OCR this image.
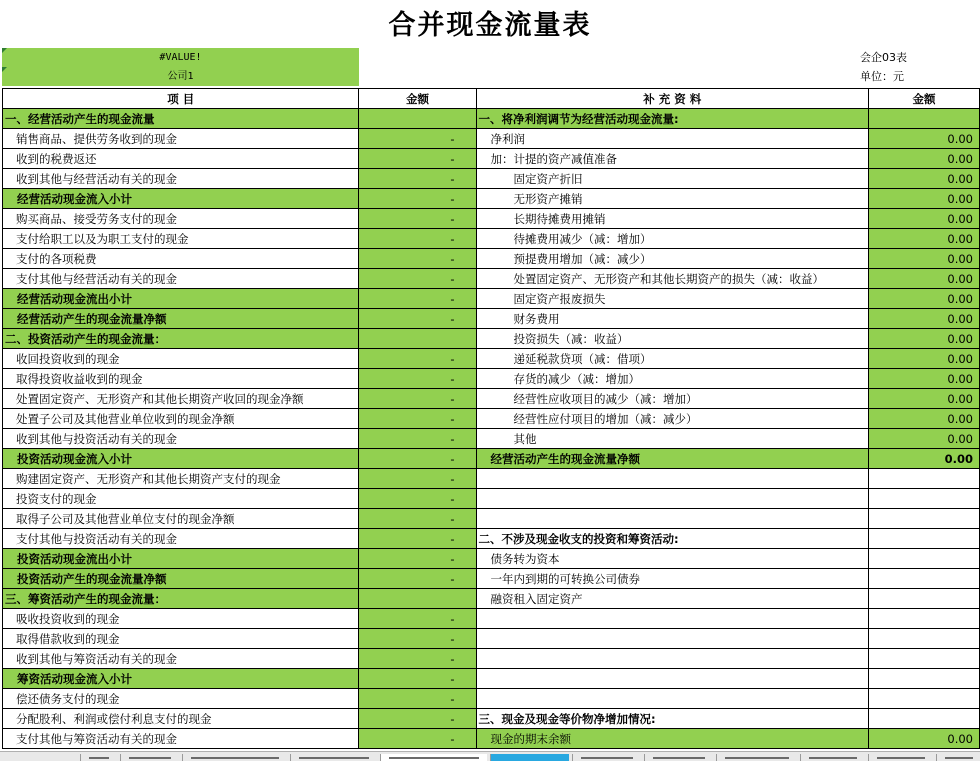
合并现金流量表
#VALUE!
公司1
会企03表
单位：元
项 目	金额	补 充 资 料	金额
一、经营活动产生的现金流量		一、将净利润调节为经营活动现金流量:	
销售商品、提供劳务收到的现金	-	净利润	0.00
收到的税费返还	-	加：计提的资产减值准备	0.00
收到其他与经营活动有关的现金	-	固定资产折旧	0.00
经营活动现金流入小计	-	无形资产摊销	0.00
购买商品、接受劳务支付的现金	-	长期待摊费用摊销	0.00
支付给职工以及为职工支付的现金	-	待摊费用减少（减：增加）	0.00
支付的各项税费	-	预提费用增加（减：减少）	0.00
支付其他与经营活动有关的现金	-	处置固定资产、无形资产和其他长期资产的损失（减：收益）	0.00
经营活动现金流出小计	-	固定资产报废损失	0.00
经营活动产生的现金流量净额	-	财务费用	0.00
二、投资活动产生的现金流量：		投资损失（减：收益）	0.00
收回投资收到的现金	-	递延税款贷项（减：借项）	0.00
取得投资收益收到的现金	-	存货的减少（减：增加）	0.00
处置固定资产、无形资产和其他长期资产收回的现金净额	-	经营性应收项目的减少（减：增加）	0.00
处置子公司及其他营业单位收到的现金净额	-	经营性应付项目的增加（减：减少）	0.00
收到其他与投资活动有关的现金	-	其他	0.00
投资活动现金流入小计	-	经营活动产生的现金流量净额	0.00
购建固定资产、无形资产和其他长期资产支付的现金	-		
投资支付的现金	-		
取得子公司及其他营业单位支付的现金净额	-		
支付其他与投资活动有关的现金	-	二、不涉及现金收支的投资和筹资活动:	
投资活动现金流出小计	-	债务转为资本	
投资活动产生的现金流量净额	-	一年内到期的可转换公司债券	
三、筹资活动产生的现金流量：		融资租入固定资产	
吸收投资收到的现金	-		
取得借款收到的现金	-		
收到其他与筹资活动有关的现金	-		
筹资活动现金流入小计	-		
偿还债务支付的现金	-		
分配股利、利润或偿付利息支付的现金	-	三、现金及现金等价物净增加情况:	
支付其他与筹资活动有关的现金	-	现金的期末余额	0.00
